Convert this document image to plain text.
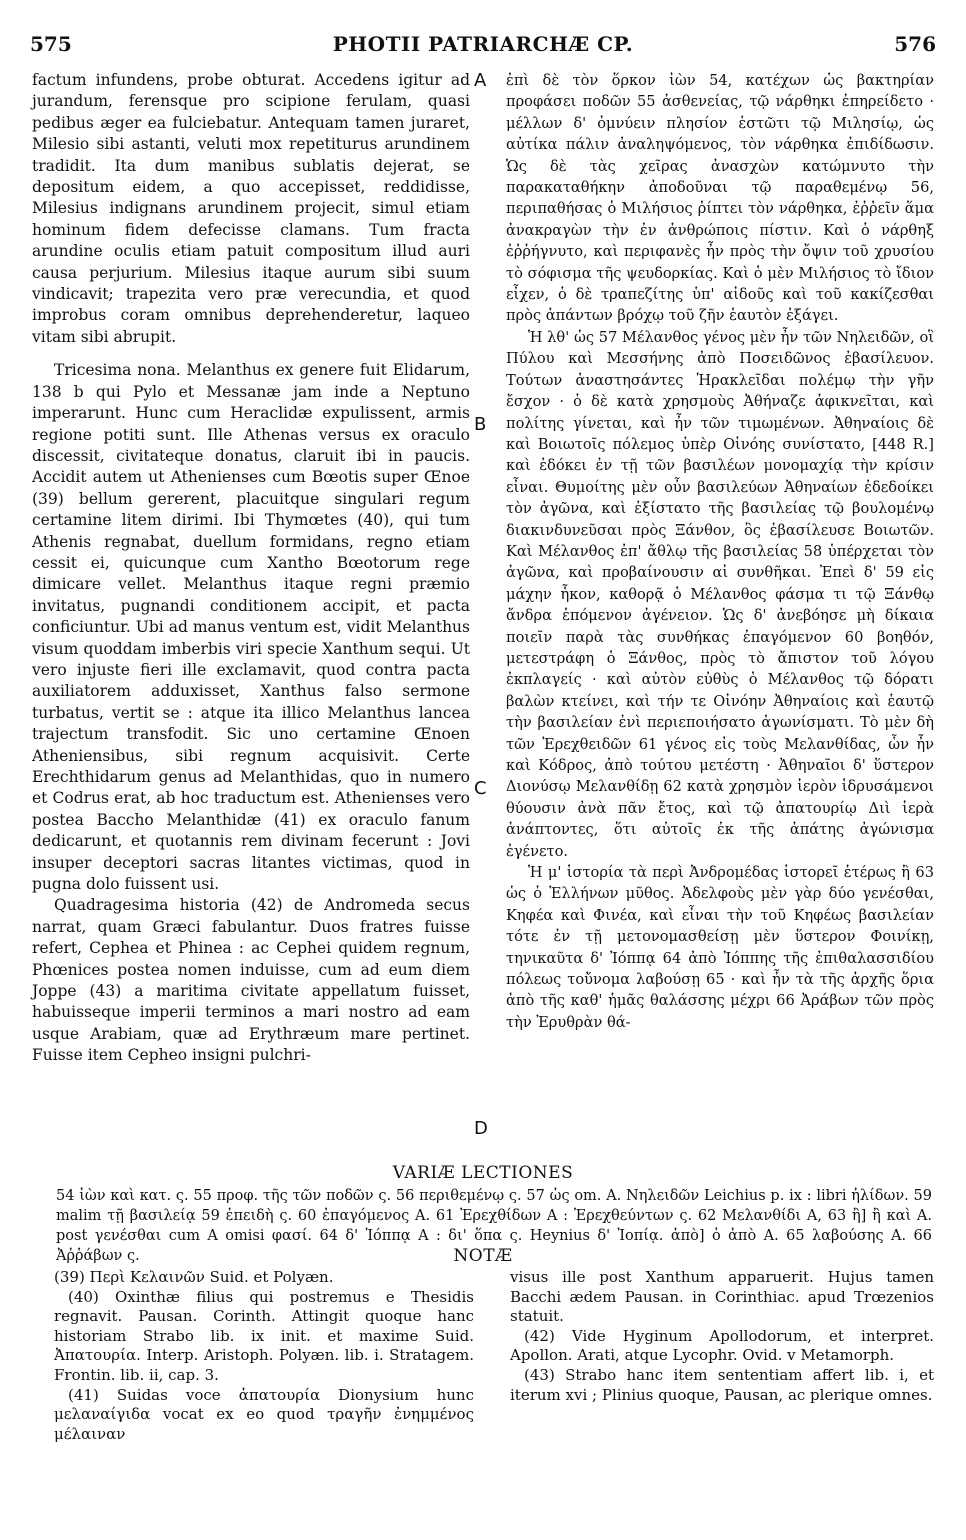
575	PHOTII PATRIARCHÆ CP.	576

factum infundens, probe obturat. Accedens igitur ad jurandum, ferensque pro scipione ferulam, quasi pedibus æger ea fulciebatur. Antequam tamen juraret, Milesio sibi astanti, veluti mox repetiturus arundinem tradidit. Ita dum manibus sublatis dejerat, se depositum eidem, a quo accepisset, reddidisse, Milesius indignans arundinem projecit, simul etiam hominum fidem defecisse clamans. Tum fracta arundine oculis etiam patuit compositum illud auri causa perjurium. Milesius itaque aurum sibi suum vindicavit; trapezita vero præ verecundia, et quod improbus coram omnibus deprehenderetur, laqueo vitam sibi abrupit.

Tricesima nona. Melanthus ex genere fuit Elidarum, 138 b qui Pylo et Messanæ jam inde a Neptuno imperarunt. Hunc cum Heraclidæ expulissent, armis regione potiti sunt. Ille Athenas versus ex oraculo discessit, civitateque donatus, claruit ibi in paucis. Accidit autem ut Athenienses cum Bœotis super Œnoe (39) bellum gererent, placuitque singulari regum certamine litem dirimi. Ibi Thymœtes (40), qui tum Athenis regnabat, duellum formidans, regno etiam cessit ei, quicunque cum Xantho Bœotorum rege dimicare vellet. Melanthus itaque regni præmio invitatus, pugnandi conditionem accipit, et pacta conficiuntur. Ubi ad manus ventum est, vidit Melanthus visum quoddam imberbis viri specie Xanthum sequi. Ut vero injuste fieri ille exclamavit, quod contra pacta auxiliatorem adduxisset, Xanthus falso sermone turbatus, vertit se : atque ita illico Melanthus lancea trajectum transfodit. Sic uno certamine Œnoen Atheniensibus, sibi regnum acquisivit. Certe Erechthidarum genus ad Melanthidas, quo in numero et Codrus erat, ab hoc traductum est. Athenienses vero postea Baccho Melanthidæ (41) ex oraculo fanum dedicarunt, et quotannis rem divinam fecerunt : Jovi insuper deceptori sacras litantes victimas, quod in pugna dolo fuissent usi.

Quadragesima historia (42) de Andromeda secus narrat, quam Græci fabulantur. Duos fratres fuisse refert, Cephea et Phinea : ac Cephei quidem regnum, Phœnices postea nomen induisse, cum ad eum diem Joppe (43) a maritima civitate appellatum fuisset, habuisseque imperii terminos a mari nostro ad eam usque Arabiam, quæ ad Erythræum mare pertinet. Fuisse item Cepheo insigni pulchri-

A
B
C
D

ἐπὶ δὲ τὸν ὅρκον ἰὼν 54, κατέχων ὡς βακτηρίαν προφάσει ποδῶν 55 ἀσθενείας, τῷ νάρθηκι ἐπηρείδετο · μέλλων δ' ὀμνύειν πλησίον ἑστῶτι τῷ Μιλησίῳ, ὡς αὐτίκα πάλιν ἀναληψόμενος, τὸν νάρθηκα ἐπιδίδωσιν. Ὡς δὲ τὰς χεῖρας ἀνασχὼν κατώμνυτο τὴν παρακαταθήκην ἀποδοῦναι τῷ παραθεμένῳ 56, περιπαθήσας ὁ Μιλήσιος ῥίπτει τὸν νάρθηκα, ἐῤῥεῖν ἅμα ἀνακραγὼν τὴν ἐν ἀνθρώποις πίστιν. Καὶ ὁ νάρθηξ ἐῤῥήγνυτο, καὶ περιφανὲς ἦν πρὸς τὴν ὄψιν τοῦ χρυσίου τὸ σόφισμα τῆς ψευδορκίας. Καὶ ὁ μὲν Μιλήσιος τὸ ἴδιον εἶχεν, ὁ δὲ τραπεζίτης ὑπ' αἰδοῦς καὶ τοῦ κακίζεσθαι πρὸς ἁπάντων βρόχῳ τοῦ ζῆν ἑαυτὸν ἐξάγει.

Ἡ λθ' ὡς 57 Μέλανθος γένος μὲν ἦν τῶν Νηλειδῶν, οἳ Πύλου καὶ Μεσσήνης ἀπὸ Ποσειδῶνος ἐβασίλευον. Τούτων ἀναστησάντες Ἡρακλεῖδαι πολέμῳ τὴν γῆν ἔσχον · ὁ δὲ κατὰ χρησμοὺς Ἀθήναζε ἀφικνεῖται, καὶ πολίτης γίνεται, καὶ ἦν τῶν τιμωμένων. Ἀθηναίοις δὲ καὶ Βοιωτοῖς πόλεμος ὑπὲρ Οἰνόης συνίστατο, [448 R.] καὶ ἐδόκει ἐν τῇ τῶν βασιλέων μονομαχίᾳ τὴν κρίσιν εἶναι. Θυμοίτης μὲν οὖν βασιλεύων Ἀθηναίων ἐδεδοίκει τὸν ἀγῶνα, καὶ ἐξίστατο τῆς βασιλείας τῷ βουλομένῳ διακινδυνεῦσαι πρὸς Ξάνθον, ὃς ἐβασίλευσε Βοιωτῶν. Καὶ Μέλανθος ἐπ' ἄθλῳ τῆς βασιλείας 58 ὑπέρχεται τὸν ἀγῶνα, καὶ προβαίνουσιν αἱ συνθῆκαι. Ἐπεὶ δ' 59 εἰς μάχην ἧκον, καθορᾷ ὁ Μέλανθος φάσμα τι τῷ Ξάνθῳ ἄνδρα ἑπόμενον ἀγένειον. Ὡς δ' ἀνεβόησε μὴ δίκαια ποιεῖν παρὰ τὰς συνθήκας ἐπαγόμενον 60 βοηθόν, μετεστράφη ὁ Ξάνθος, πρὸς τὸ ἄπιστον τοῦ λόγου ἐκπλαγείς · καὶ αὐτὸν εὐθὺς ὁ Μέλανθος τῷ δόρατι βαλὼν κτείνει, καὶ τήν τε Οἰνόην Ἀθηναίοις καὶ ἑαυτῷ τὴν βασιλείαν ἐνὶ περιεποιήσατο ἀγωνίσματι. Τὸ μὲν δὴ τῶν Ἐρεχθειδῶν 61 γένος εἰς τοὺς Μελανθίδας, ὧν ἦν καὶ Κόδρος, ἀπὸ τούτου μετέστη · Ἀθηναῖοι δ' ὕστερον Διονύσῳ Μελανθίδῃ 62 κατὰ χρησμὸν ἱερὸν ἱδρυσάμενοι θύουσιν ἀνὰ πᾶν ἔτος, καὶ τῷ ἀπατουρίῳ Διὶ ἱερὰ ἀνάπτοντες, ὅτι αὐτοῖς ἐκ τῆς ἀπάτης ἀγώνισμα ἐγένετο.

Ἡ μ' ἱστορία τὰ περὶ Ἀνδρομέδας ἱστορεῖ ἑτέρως ἢ 63 ὡς ὁ Ἑλλήνων μῦθος. Ἀδελφοὺς μὲν γὰρ δύο γενέσθαι, Κηφέα καὶ Φινέα, καὶ εἶναι τὴν τοῦ Κηφέως βασιλείαν τότε ἐν τῇ μετονομασθείσῃ μὲν ὕστερον Φοινίκῃ, τηνικαῦτα δ' Ἰόππᾳ 64 ἀπὸ Ἰόππης τῆς ἐπιθαλασσιδίου πόλεως τοὔνομα λαβούσῃ 65 · καὶ ἦν τὰ τῆς ἀρχῆς ὅρια ἀπὸ τῆς καθ' ἡμᾶς θαλάσσης μέχρι 66 Ἀράβων τῶν πρὸς τὴν Ἐρυθρὰν θά-

VARIÆ LECTIONES
54 ἰὼν καὶ κατ. ς. 55 προφ. τῆς τῶν ποδῶν ς. 56 περιθεμένῳ ς. 57 ὡς om. A. Νηλειδῶν Leichius p. ix : libri ἠλίδων. 59 malim τῇ βασιλείᾳ 59 ἐπειδὴ ς. 60 ἐπαγόμενος A. 61 Ἐρεχθίδων A : Ἐρεχθεύντων ς. 62 Μελανθίδι A, 63 ἢ] ἢ καὶ A. post γενέσθαι cum A omisi φασί. 64 δ' Ἰόππᾳ A : δι' ὅπα ς. Heynius δ' Ἰοπίᾳ. ἀπὸ] ὁ ἀπὸ A. 65 λαβούσης A. 66 Ἀῤῥάβων ς.	NOTÆ

(39) Περὶ Κελαινῶν Suid. et Polyæn.

(40) Oxinthæ filius qui postremus e Thesidis regnavit. Pausan. Corinth. Attingit quoque hanc historiam Strabo lib. ix init. et maxime Suid. Ἀπατουρία. Interp. Aristoph. Polyæn. lib. i. Stratagem. Frontin. lib. ii, cap. 3.

(41) Suidas voce ἀπατουρία Dionysium hunc μελαναίγιδα vocat ex eo quod τραγῆν ἐνημμένος μέλαιναν

visus ille post Xanthum apparuerit. Hujus tamen Bacchi ædem Pausan. in Corinthiac. apud Trœzenios statuit.

(42) Vide Hyginum Apollodorum, et interpret. Apollon. Arati, atque Lycophr. Ovid. v Metamorph.

(43) Strabo hanc item sententiam affert lib. i, et iterum xvi ; Plinius quoque, Pausan, ac plerique omnes.
